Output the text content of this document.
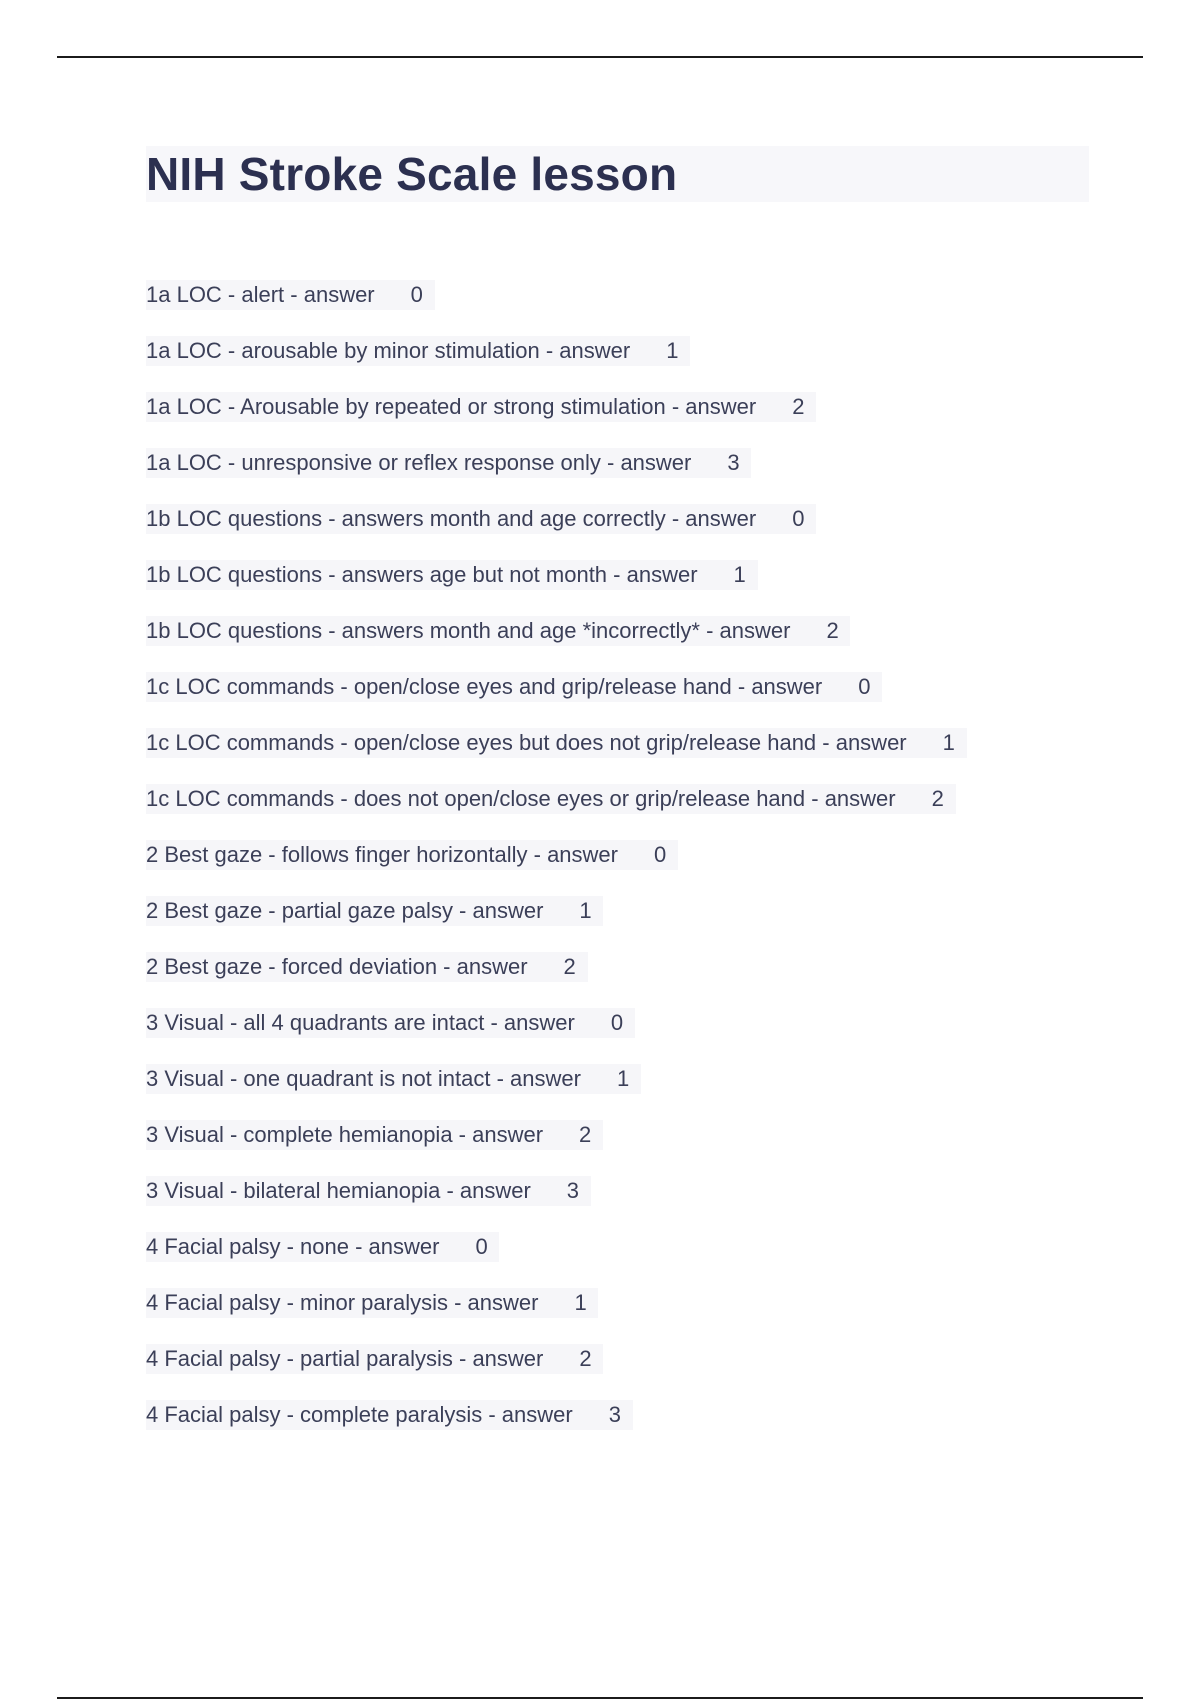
NIH Stroke Scale lesson
1a LOC - alert - answer 0
1a LOC - arousable by minor stimulation - answer 1
1a LOC - Arousable by repeated or strong stimulation - answer 2
1a LOC - unresponsive or reflex response only - answer 3
1b LOC questions - answers month and age correctly - answer 0
1b LOC questions - answers age but not month - answer 1
1b LOC questions - answers month and age *incorrectly* - answer 2
1c LOC commands - open/close eyes and grip/release hand - answer 0
1c LOC commands - open/close eyes but does not grip/release hand - answer 1
1c LOC commands - does not open/close eyes or grip/release hand - answer 2
2 Best gaze - follows finger horizontally - answer 0
2 Best gaze - partial gaze palsy - answer 1
2 Best gaze - forced deviation - answer 2
3 Visual - all 4 quadrants are intact - answer 0
3 Visual - one quadrant is not intact - answer 1
3 Visual - complete hemianopia - answer 2
3 Visual - bilateral hemianopia - answer 3
4 Facial palsy - none - answer 0
4 Facial palsy - minor paralysis - answer 1
4 Facial palsy - partial paralysis - answer 2
4 Facial palsy - complete paralysis - answer 3
